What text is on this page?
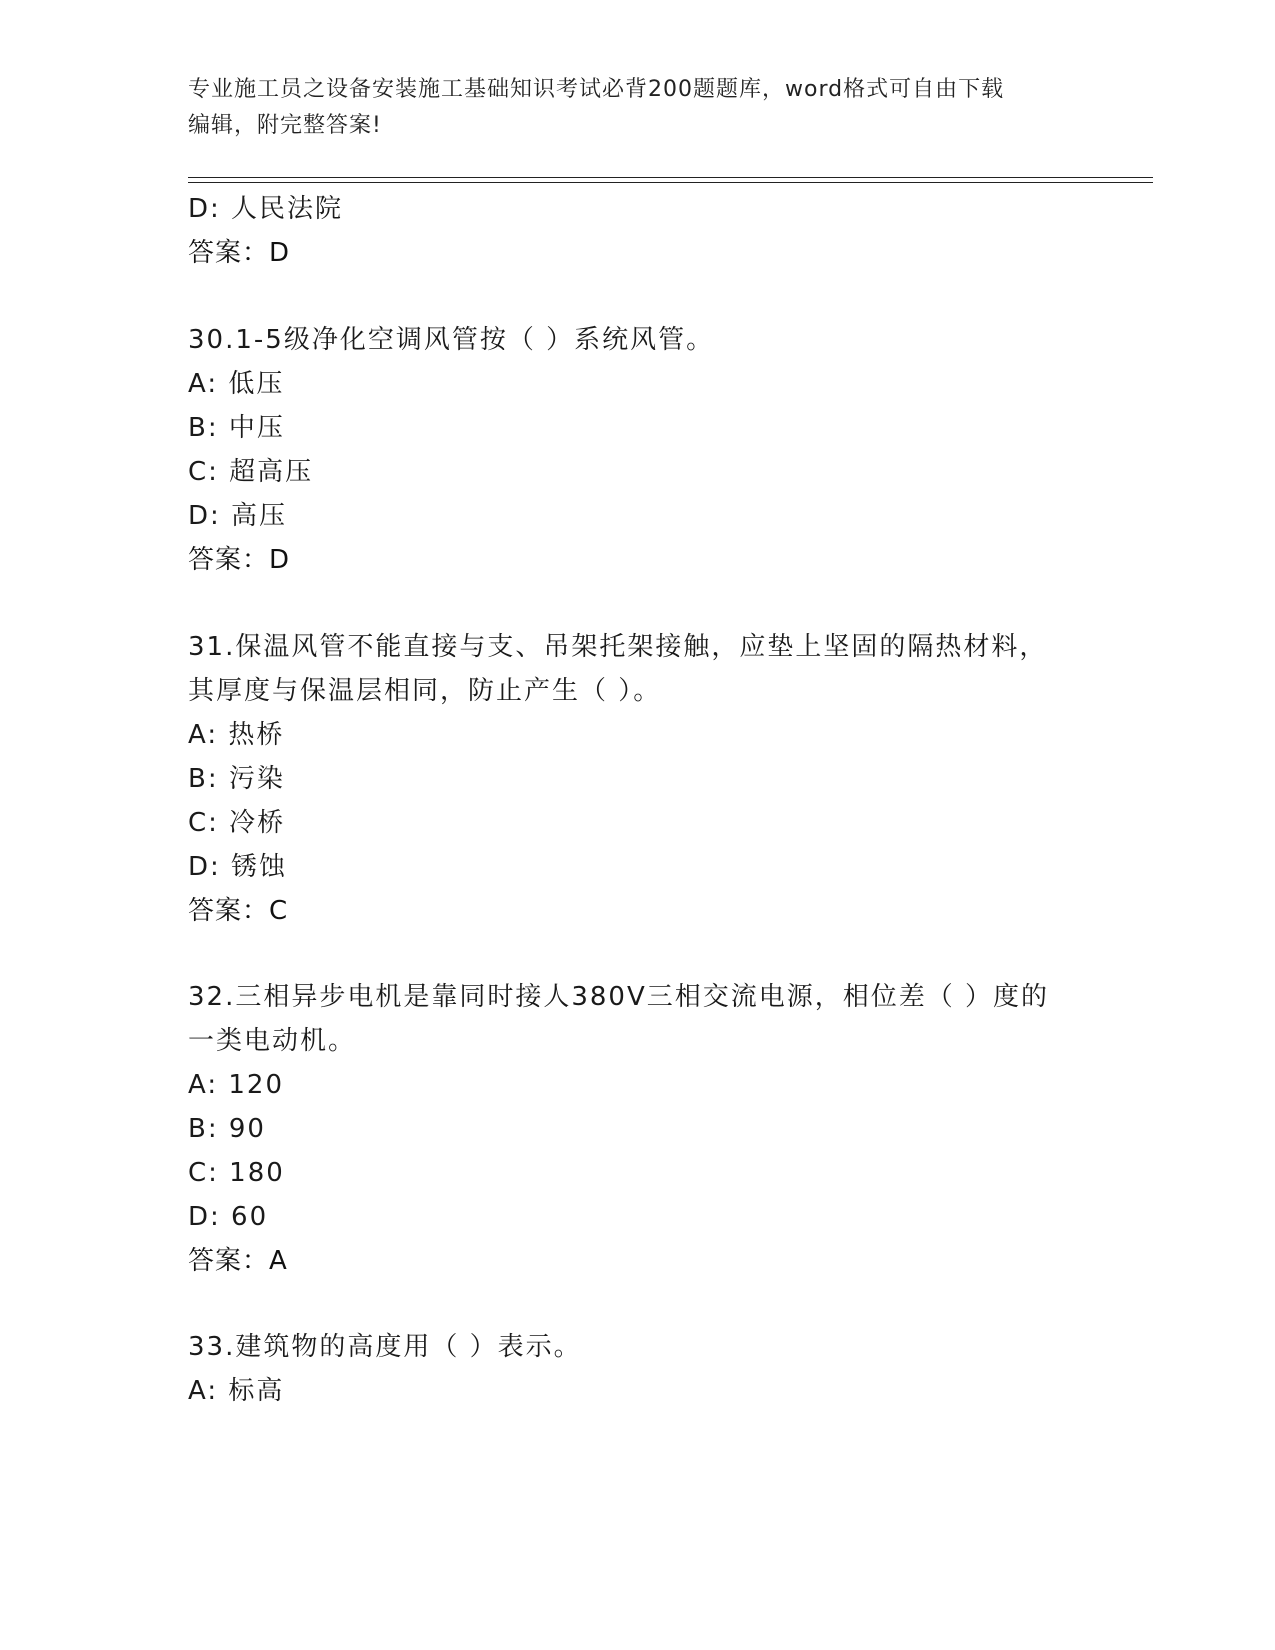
专业施工员之设备安装施工基础知识考试必背200题题库，word格式可自由下载
编辑，附完整答案!
D: 人民法院
答案：D
30.1-5级净化空调风管按（ ）系统风管。
A: 低压
B: 中压
C: 超高压
D: 高压
答案：D
31.保温风管不能直接与支、吊架托架接触，应垫上坚固的隔热材料，
其厚度与保温层相同，防止产生（ ）。
A: 热桥
B: 污染
C: 冷桥
D: 锈蚀
答案：C
32.三相异步电机是靠同时接人380V三相交流电源，相位差（ ）度的
一类电动机。
A: 120
B: 90
C: 180
D: 60
答案：A
33.建筑物的高度用（ ）表示。
A: 标高
